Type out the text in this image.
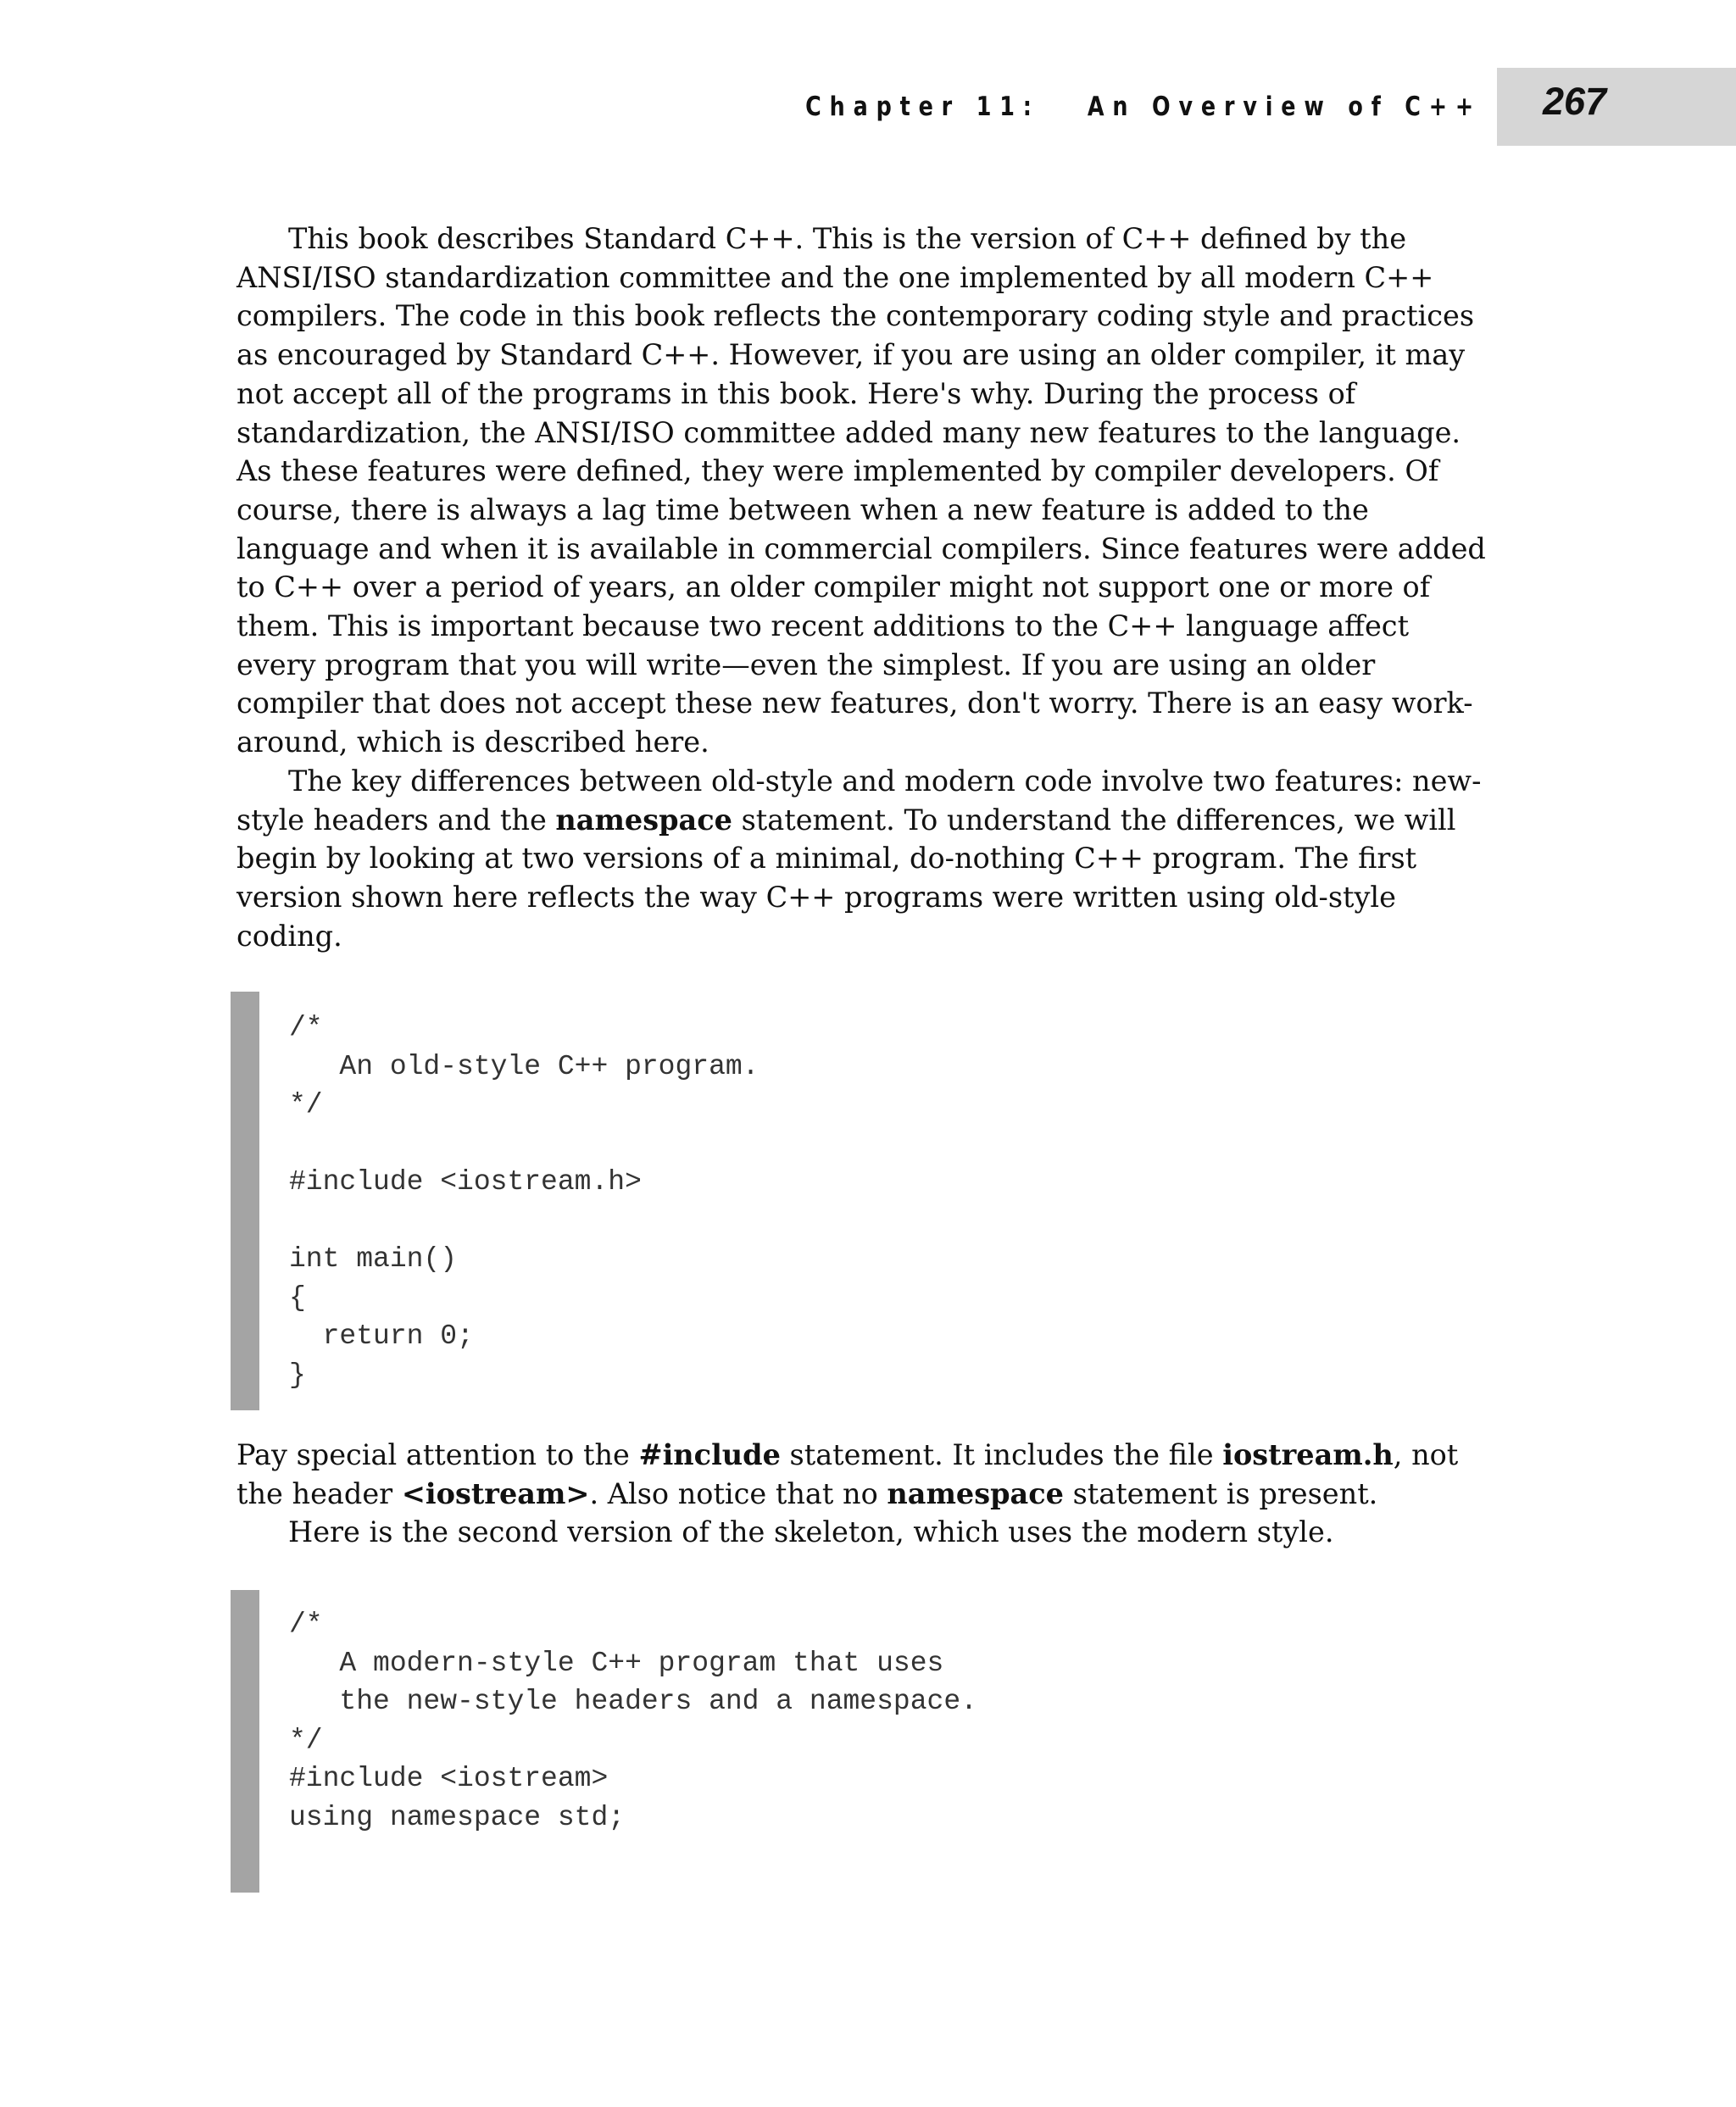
Chapter 11:   An Overview of C++ 267

This book describes Standard C++. This is the version of C++ defined by the ANSI/ISO standardization committee and the one implemented by all modern C++ compilers. The code in this book reflects the contemporary coding style and practices as encouraged by Standard C++. However, if you are using an older compiler, it may not accept all of the programs in this book. Here's why. During the process of standardization, the ANSI/ISO committee added many new features to the language. As these features were defined, they were implemented by compiler developers. Of course, there is always a lag time between when a new feature is added to the language and when it is available in commercial compilers. Since features were added to C++ over a period of years, an older compiler might not support one or more of them. This is important because two recent additions to the C++ language affect every program that you will write—even the simplest. If you are using an older compiler that does not accept these new features, don't worry. There is an easy work-around, which is described here.

The key differences between old-style and modern code involve two features: new-style headers and the namespace statement. To understand the differences, we will begin by looking at two versions of a minimal, do-nothing C++ program. The first version shown here reflects the way C++ programs were written using old-style coding.

/*
An old-style C++ program.
*/

#include <iostream.h>

int main()
{
return 0;
}

Pay special attention to the #include statement. It includes the file iostream.h, not the header <iostream>. Also notice that no namespace statement is present.

Here is the second version of the skeleton, which uses the modern style.

/*
A modern-style C++ program that uses
the new-style headers and a namespace.
*/
#include <iostream>
using namespace std;
